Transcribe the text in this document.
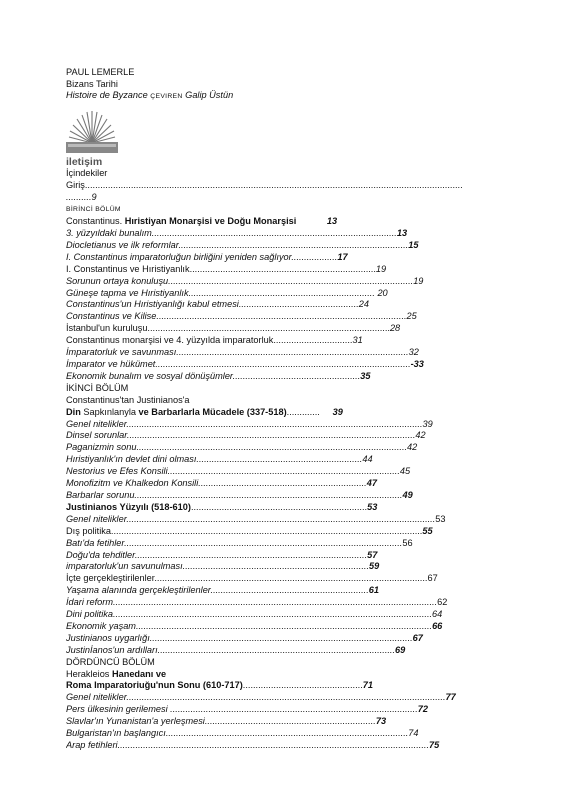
PAUL LEMERLE
Bizans Tarihi
Histoire de Byzance ÇEVIREN Galip Üstün
iletişim
İçindekiler
Giriş....................................................................................................................................................
..........9
BİRİNCİ BÖLÜM
Constantinus. Hıristiyan Monarşisi ve Doğu Monarşisi	13
3. yüzyıldaki bunalım................................................................................................13
Diocletianus ve ilk reformlar..........................................................................................15
I. Constantinus imparatorluğun birliğini yeniden sağlıyor..................17
I. Constantinus ve Hıristiyanlık.........................................................................19
Sorunun ortaya konuluşu................................................................................................19
Güneşe tapma ve Hıristiyanlık......................................................................... 20
Constantinus'un Hıristiyanlığı kabul etmesi...............................................24
Constantinus ve Kilise..................................................................................................25
İstanbul'un kuruluşu...............................................................................................28
Constantinus monarşisi ve 4. yüzyılda imparatorluk...............................31
İmparatorluk ve savunması...........................................................................................32
İmparator ve hükümet....................................................................................................-33
Ekonomik bunalım ve sosyal dönüşümler..................................................35
İKİNCİ BÖLÜM
Constantinus'tan Justinianos'a
Din Sapkınlanyla ve Barbarlarla Mücadele (337-518).............     39
Genel nitelikler....................................................................................................................39
Dinsel sorunlar.................................................................................................................42
Paganizmin sonu..........................................................................................................42
Hıristiyanlık'ın devlet dini olması.................................................................44
Nestorius ve Efes Konsili...........................................................................................45
Monofizitm ve Khalkedon Konsili..................................................................47
Barbarlar sorunu.........................................................................................................49
Justinianos Yüzyılı (518-610).....................................................................53
Genel nitelikler.........................................................................................................................53
Dış politika..........................................................................................................................55
Batı'da fetihler.............................................................................................................56
Doğu'da tehditler...........................................................................................57
imparatorluk'un savunulması.........................................................................59
İçte gerçekleştirilenler...........................................................................................................67
Yaşama alanında gerçekleştirilenler..............................................................61
İdari reform...............................................................................................................................62
Dini politika.............................................................................................................................64
Ekonomik yaşam....................................................................................................................66
Justinianos uygarlığı.......................................................................................................67
Justinİanos'un ardılları.............................................................................................69
DÖRDÜNCÜ BÖLÜM
Herakleios Hanedanı ve
Roma Imparatoriuğu'nun Sonu (610-717)...............................................71
Genel nitelikler.............................................................................................................................77
Pers ülkesinin gerilemesi .................................................................................................72
Slavlar'ın Yunanistan'a yerleşmesi...................................................................73
Bulgaristan'ın başlangıcı...............................................................................................74
Arap fetihleri..........................................................................................................................75
